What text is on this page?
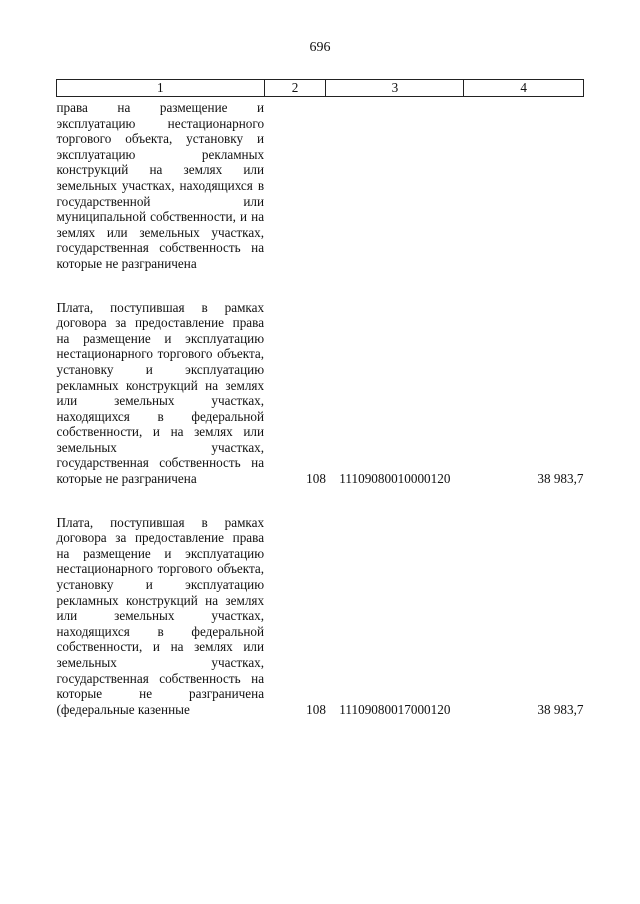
696
1	2	3	4
права на размещение и эксплуатацию нестационарного торгового объекта, установку и эксплуатацию рекламных конструкций на землях или земельных участках, находящихся в государственной или муниципальной собственности, и на землях или земельных участках, государственная собственность на которые не разграничена			

Плата, поступившая в рамках договора за предоставление права на размещение и эксплуатацию нестационарного торгового объекта, установку и эксплуатацию рекламных конструкций на землях или земельных участках, находящихся в федеральной собственности, и на землях или земельных участках, государственная собственность на которые не разграничена	108	11109080010000120	38 983,7

Плата, поступившая в рамках договора за предоставление права на размещение и эксплуатацию нестационарного торгового объекта, установку и эксплуатацию рекламных конструкций на землях или земельных участках, находящихся в федеральной собственности, и на землях или земельных участках, государственная собственность на которые не разграничена (федеральные казенные	108	11109080017000120	38 983,7
